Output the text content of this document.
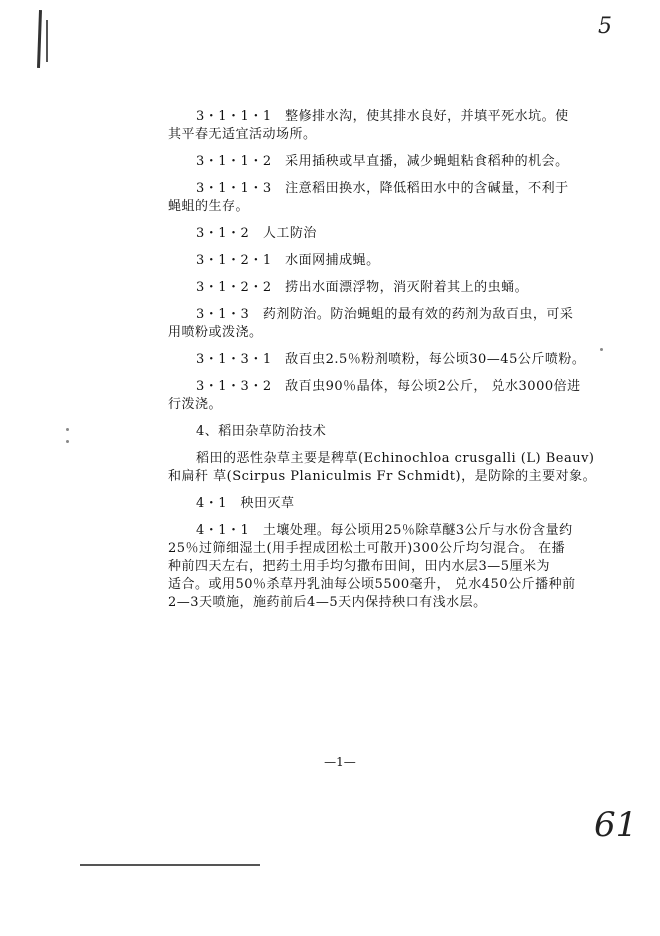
5
3・1・1・1　整修排水沟，使其排水良好，并填平死水坑。使
其平春无适宜活动场所。
3・1・1・2　采用插秧或早直播，减少蝇蛆粘食稻种的机会。
3・1・1・3　注意稻田换水，降低稻田水中的含碱量，不利于
蝇蛆的生存。
3・1・2　人工防治
3・1・2・1　水面网捕成蝇。
3・1・2・2　捞出水面漂浮物，消灭附着其上的虫蛹。
3・1・3　药剂防治。防治蝇蛆的最有效的药剂为敌百虫，可采
用喷粉或泼浇。
3・1・3・1　敌百虫2.5％粉剂喷粉，每公顷30—45公斤喷粉。
3・1・3・2　敌百虫90％晶体，每公顷2公斤， 兑水3000倍进
行泼浇。
4、稻田杂草防治技术
稻田的恶性杂草主要是稗草(Echinochloa crusgalli (L) Beauv)
和扁秆 草(Scirpus Planiculmis Fr Schmidt)，是防除的主要对象。
4・1　秧田灭草
4・1・1　土壤处理。每公顷用25％除草醚3公斤与水份含量约
25％过筛细湿土(用手捏成团松土可散开)300公斤均匀混合。 在播
种前四天左右，把药土用手均匀撒布田间，田内水层3—5厘米为
适合。或用50％杀草丹乳油每公顷5500毫升， 兑水450公斤播种前
2—3天喷施，施药前后4—5天内保持秧口有浅水层。
—1—
61
